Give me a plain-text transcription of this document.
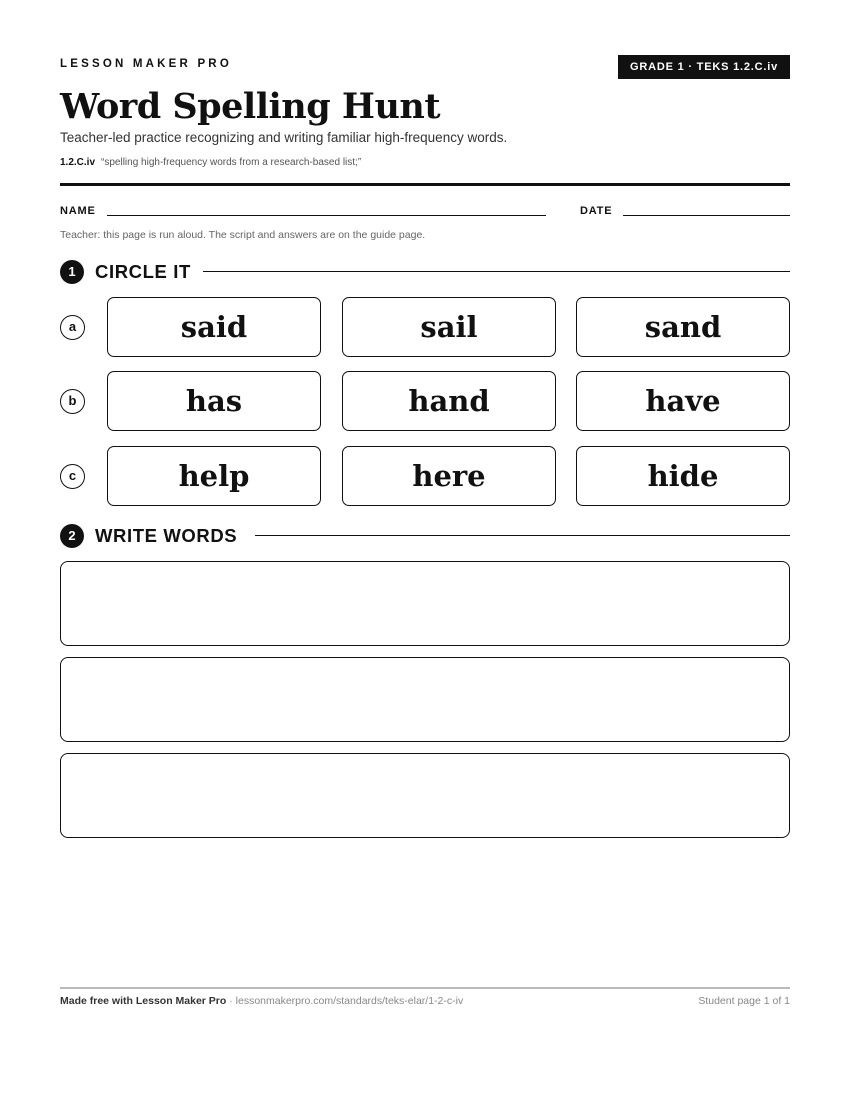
LESSON MAKER PRO	GRADE 1 · TEKS 1.2.C.iv
Word Spelling Hunt
Teacher-led practice recognizing and writing familiar high-frequency words.
1.2.C.iv “spelling high-frequency words from a research-based list;”
NAME	DATE
Teacher: this page is run aloud. The script and answers are on the guide page.
1	CIRCLE IT
a	said	sail	sand
b	has	hand	have
c	help	here	hide
2	WRITE WORDS
Made free with Lesson Maker Pro · lessonmakerpro.com/standards/teks-elar/1-2-c-iv	Student page 1 of 1
